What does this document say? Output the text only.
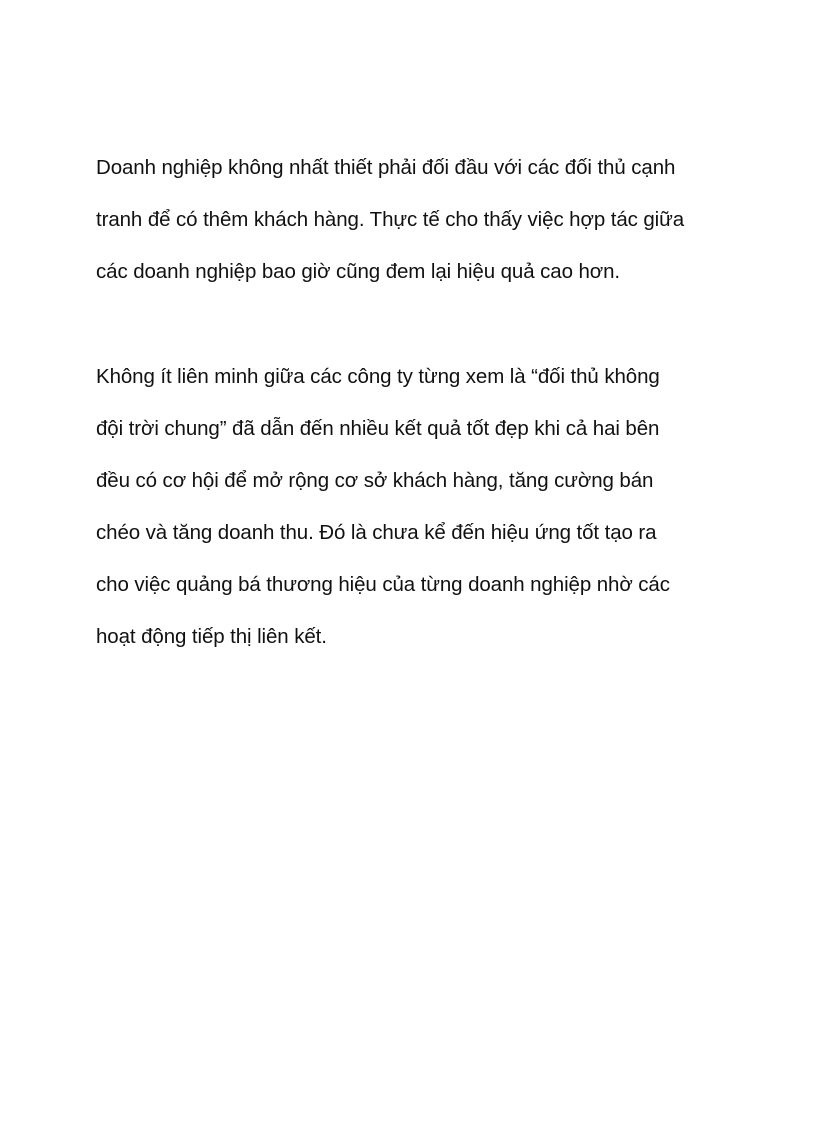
Doanh nghiệp không nhất thiết phải đối đầu với các đối thủ cạnh
tranh để có thêm khách hàng. Thực tế cho thấy việc hợp tác giữa
các doanh nghiệp bao giờ cũng đem lại hiệu quả cao hơn.
Không ít liên minh giữa các công ty từng xem là “đối thủ không
đội trời chung” đã dẫn đến nhiều kết quả tốt đẹp khi cả hai bên
đều có cơ hội để mở rộng cơ sở khách hàng, tăng cường bán
chéo và tăng doanh thu. Đó là chưa kể đến hiệu ứng tốt tạo ra
cho việc quảng bá thương hiệu của từng doanh nghiệp nhờ các
hoạt động tiếp thị liên kết.
